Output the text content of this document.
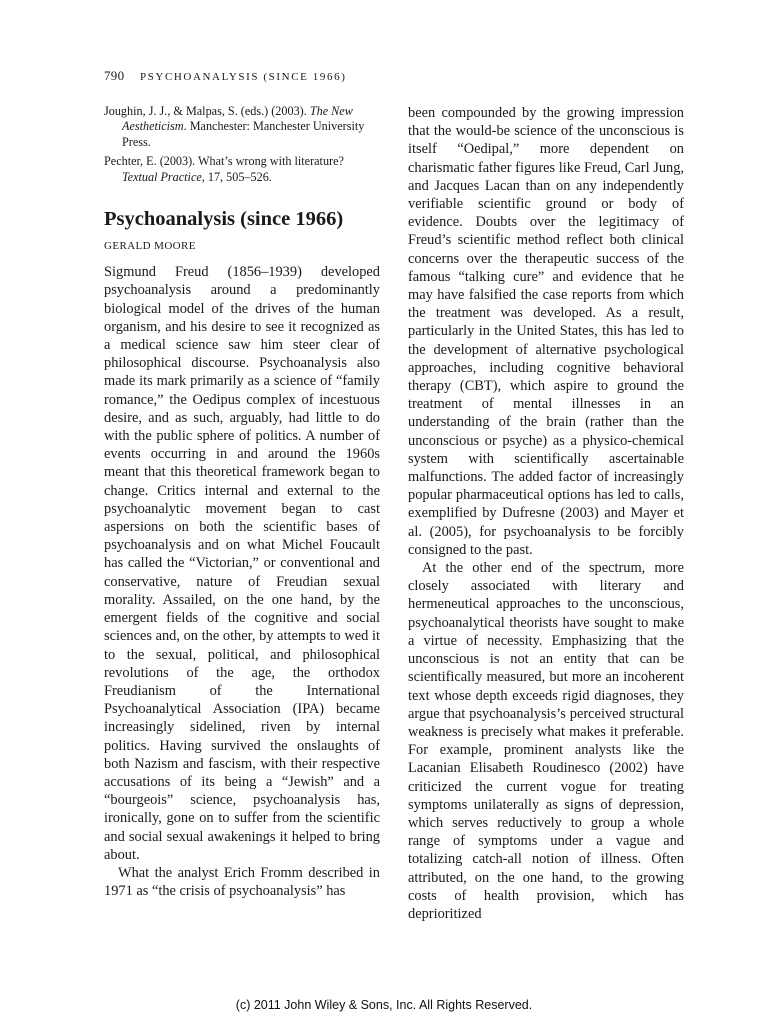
790 PSYCHOANALYSIS (SINCE 1966)

Joughin, J. J., & Malpas, S. (eds.) (2003). The New Aestheticism. Manchester: Manchester University Press.

Pechter, E. (2003). What’s wrong with literature? Textual Practice, 17, 505–526.

Psychoanalysis (since 1966)
GERALD MOORE

Sigmund Freud (1856–1939) developed psychoanalysis around a predominantly biological model of the drives of the human organism, and his desire to see it recognized as a medical science saw him steer clear of philosophical discourse. Psychoanalysis also made its mark primarily as a science of “family romance,” the Oedipus complex of incestuous desire, and as such, arguably, had little to do with the public sphere of politics. A number of events occurring in and around the 1960s meant that this theoretical framework began to change. Critics internal and external to the psychoanalytic movement began to cast aspersions on both the scientific bases of psychoanalysis and on what Michel Foucault has called the “Victorian,” or conventional and conservative, nature of Freudian sexual morality. Assailed, on the one hand, by the emergent fields of the cognitive and social sciences and, on the other, by attempts to wed it to the sexual, political, and philosophical revolutions of the age, the orthodox Freudianism of the International Psychoanalytical Association (IPA) became increasingly sidelined, riven by internal politics. Having survived the onslaughts of both Nazism and fascism, with their respective accusations of its being a “Jewish” and a “bourgeois” science, psychoanalysis has, ironically, gone on to suffer from the scientific and social sexual awakenings it helped to bring about.

What the analyst Erich Fromm described in 1971 as “the crisis of psychoanalysis” has

been compounded by the growing impression that the would-be science of the unconscious is itself “Oedipal,” more dependent on charismatic father figures like Freud, Carl Jung, and Jacques Lacan than on any independently verifiable scientific ground or body of evidence. Doubts over the legitimacy of Freud’s scientific method reflect both clinical concerns over the therapeutic success of the famous “talking cure” and evidence that he may have falsified the case reports from which the treatment was developed. As a result, particularly in the United States, this has led to the development of alternative psychological approaches, including cognitive behavioral therapy (CBT), which aspire to ground the treatment of mental illnesses in an understanding of the brain (rather than the unconscious or psyche) as a physico-chemical system with scientifically ascertainable malfunctions. The added factor of increasingly popular pharmaceutical options has led to calls, exemplified by Dufresne (2003) and Mayer et al. (2005), for psychoanalysis to be forcibly consigned to the past.

At the other end of the spectrum, more closely associated with literary and hermeneutical approaches to the unconscious, psychoanalytical theorists have sought to make a virtue of necessity. Emphasizing that the unconscious is not an entity that can be scientifically measured, but more an incoherent text whose depth exceeds rigid diagnoses, they argue that psychoanalysis’s perceived structural weakness is precisely what makes it preferable. For example, prominent analysts like the Lacanian Elisabeth Roudinesco (2002) have criticized the current vogue for treating symptoms unilaterally as signs of depression, which serves reductively to group a whole range of symptoms under a vague and totalizing catch-all notion of illness. Often attributed, on the one hand, to the growing costs of health provision, which has deprioritized

(c) 2011 John Wiley & Sons, Inc. All Rights Reserved.
